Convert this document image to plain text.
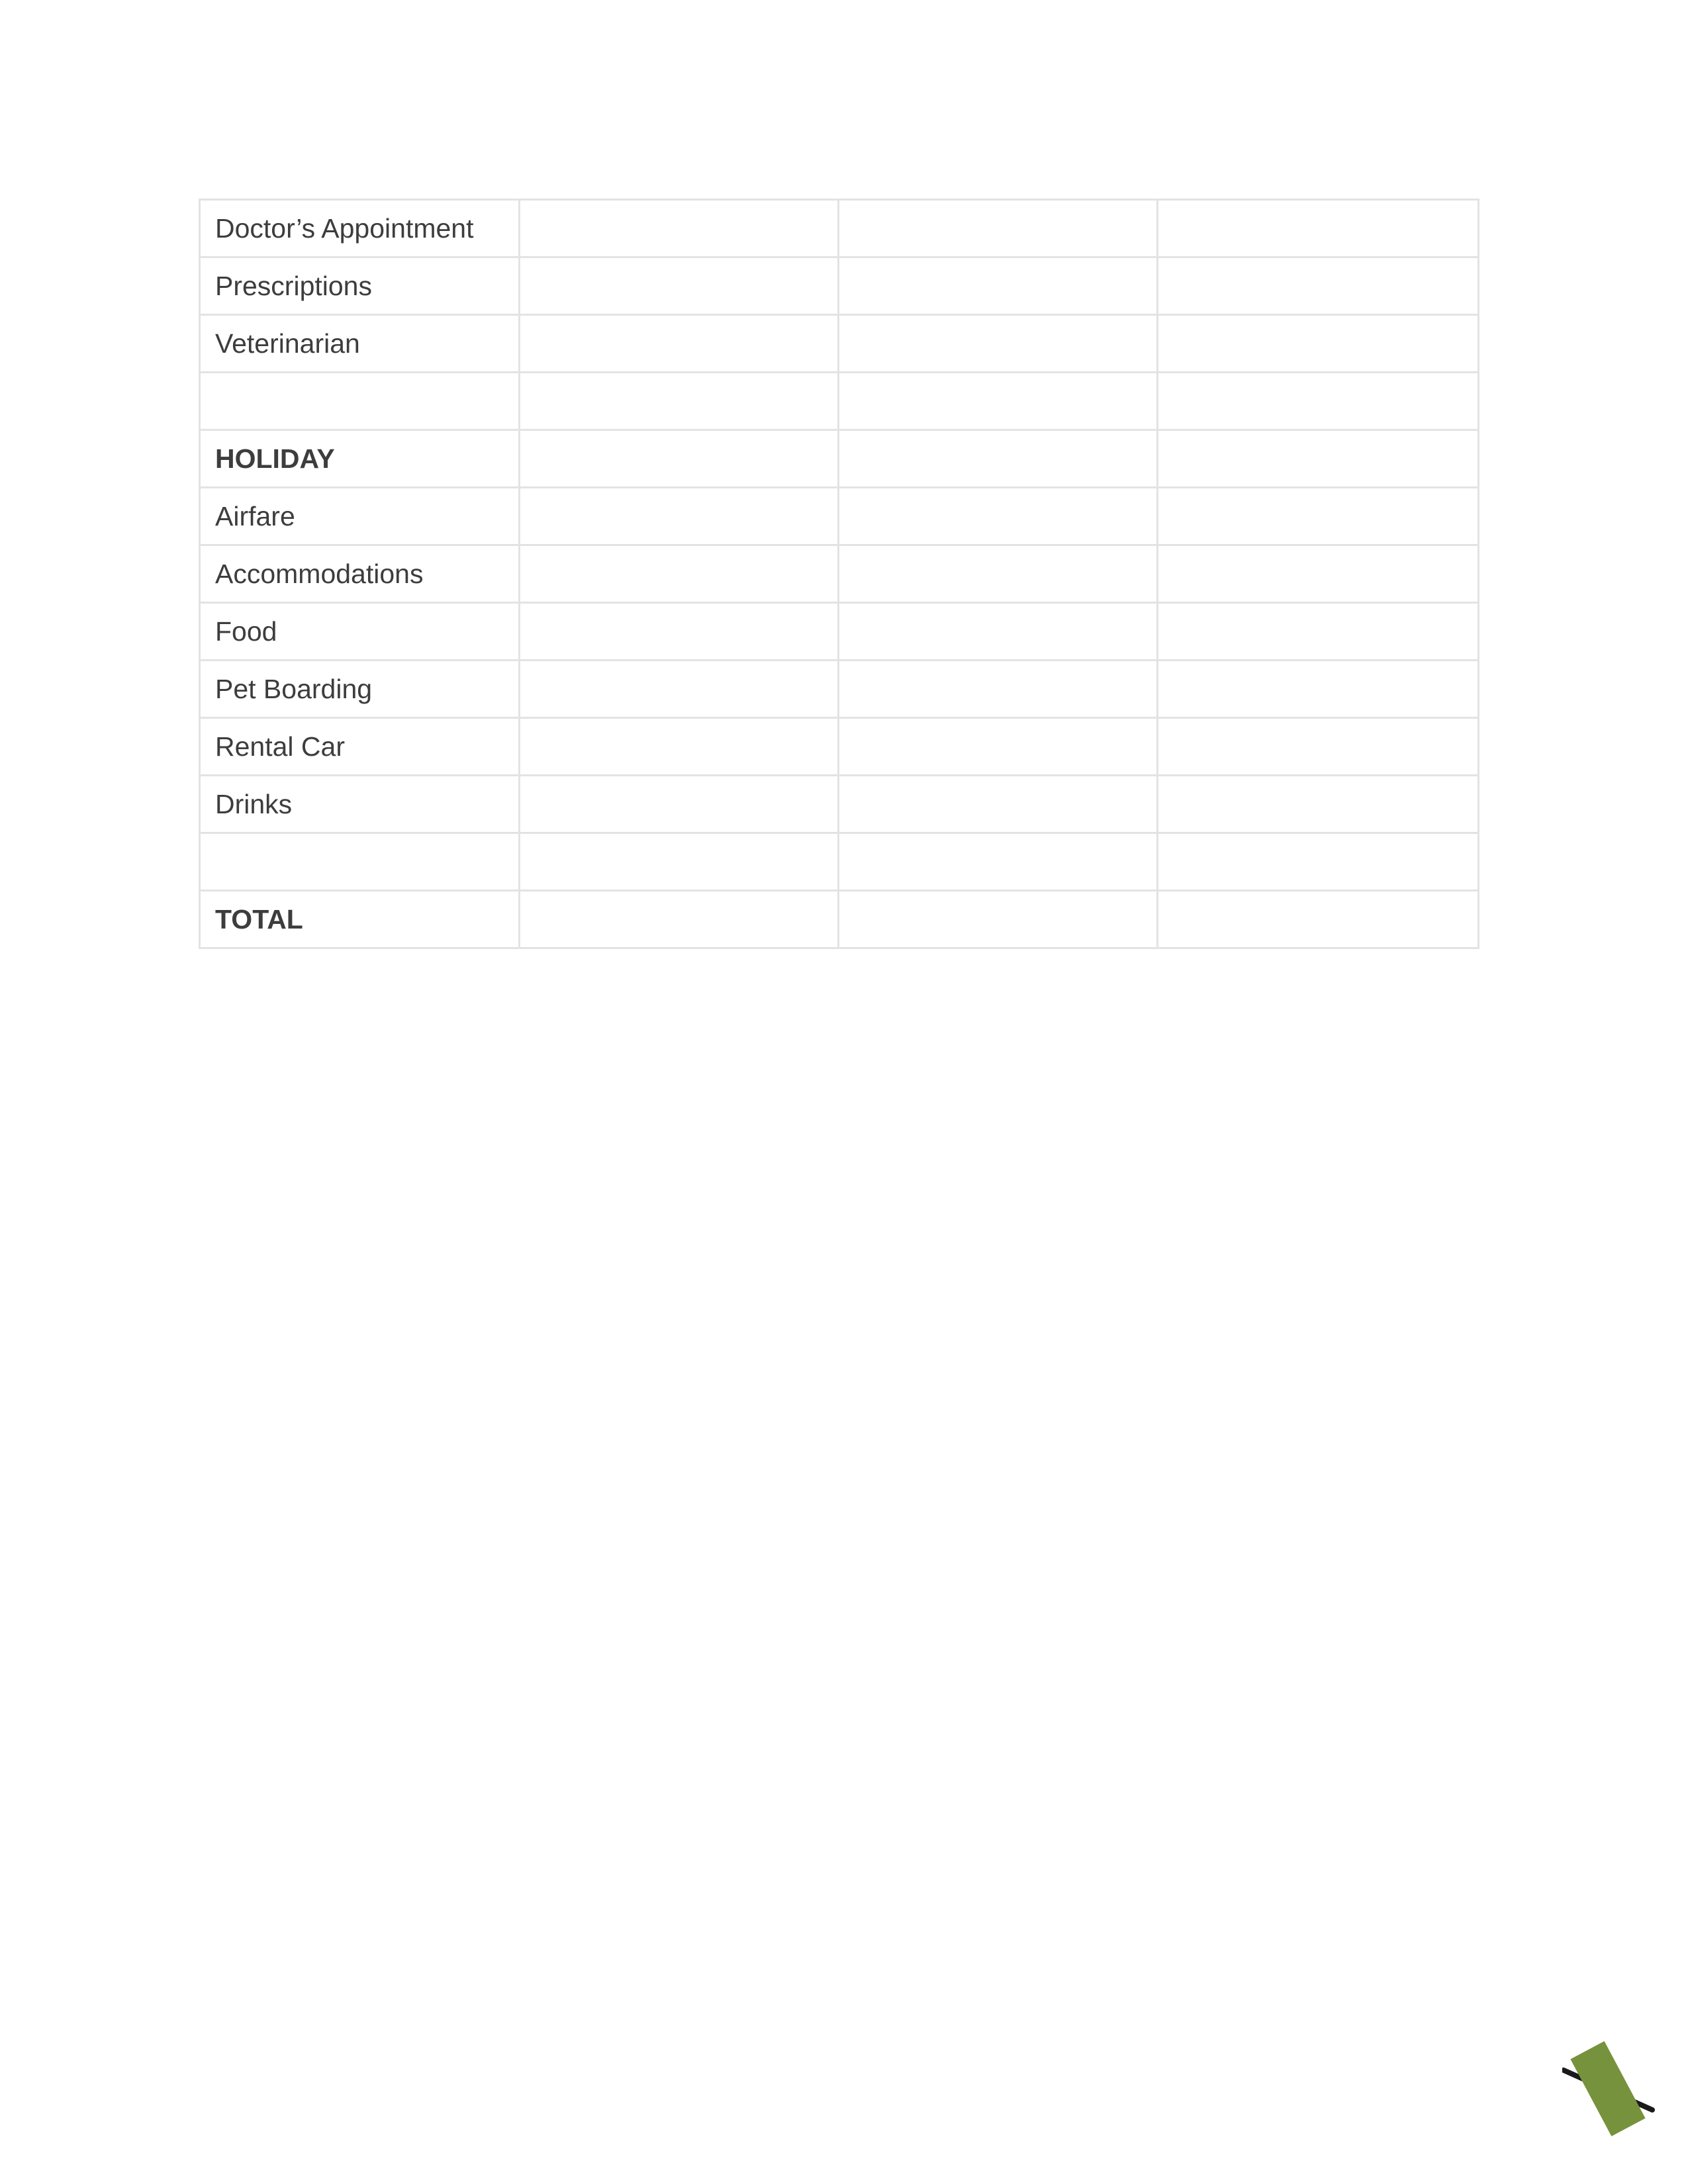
Doctor’s Appointment			
Prescriptions			
Veterinarian			

HOLIDAY			
Airfare			
Accommodations			
Food			
Pet Boarding			
Rental Car			
Drinks			

TOTAL			
